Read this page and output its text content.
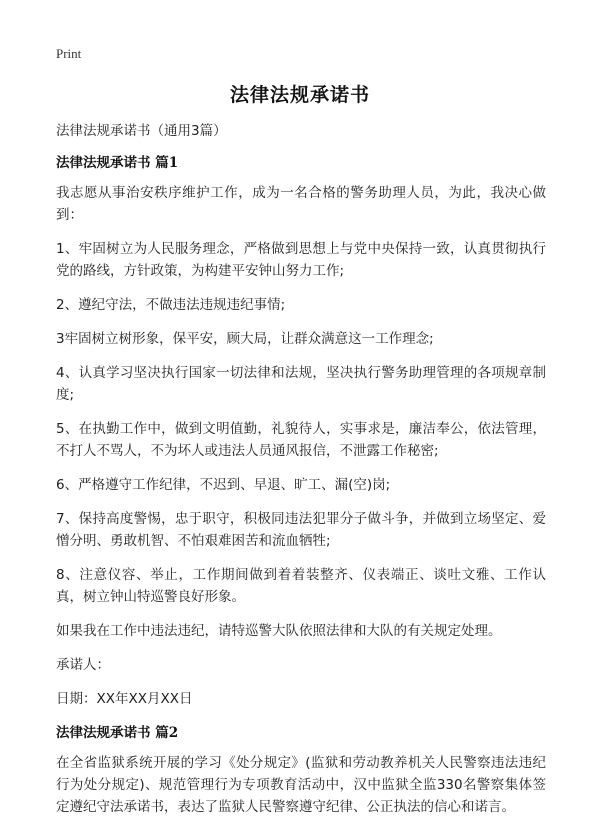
Print
法律法规承诺书
法律法规承诺书（通用3篇）
法律法规承诺书 篇1
我志愿从事治安秩序维护工作，成为一名合格的警务助理人员，为此，我决心做到：
1、牢固树立为人民服务理念，严格做到思想上与党中央保持一致，认真贯彻执行党的路线，方针政策，为构建平安钟山努力工作;
2、遵纪守法，不做违法违规违纪事情;
3牢固树立树形象，保平安，顾大局，让群众满意这一工作理念;
4、认真学习坚决执行国家一切法律和法规，坚决执行警务助理管理的各项规章制度;
5、在执勤工作中，做到文明值勤，礼貌待人，实事求是，廉洁奉公，依法管理，不打人不骂人，不为坏人或违法人员通风报信，不泄露工作秘密;
6、严格遵守工作纪律，不迟到、早退、旷工、漏(空)岗;
7、保持高度警惕，忠于职守，积极同违法犯罪分子做斗争，并做到立场坚定、爱憎分明、勇敢机智、不怕艰难困苦和流血牺牲;
8、注意仪容、举止，工作期间做到着着装整齐、仪表端正、谈吐文雅、工作认真，树立钟山特巡警良好形象。
如果我在工作中违法违纪，请特巡警大队依照法律和大队的有关规定处理。
承诺人：
日期：XX年XX月XX日
法律法规承诺书 篇2
在全省监狱系统开展的学习《处分规定》(监狱和劳动教养机关人民警察违法违纪行为处分规定)、规范管理行为专项教育活动中，汉中监狱全监330名警察集体签定遵纪守法承诺书，表达了监狱人民警察遵守纪律、公正执法的信心和诺言。
